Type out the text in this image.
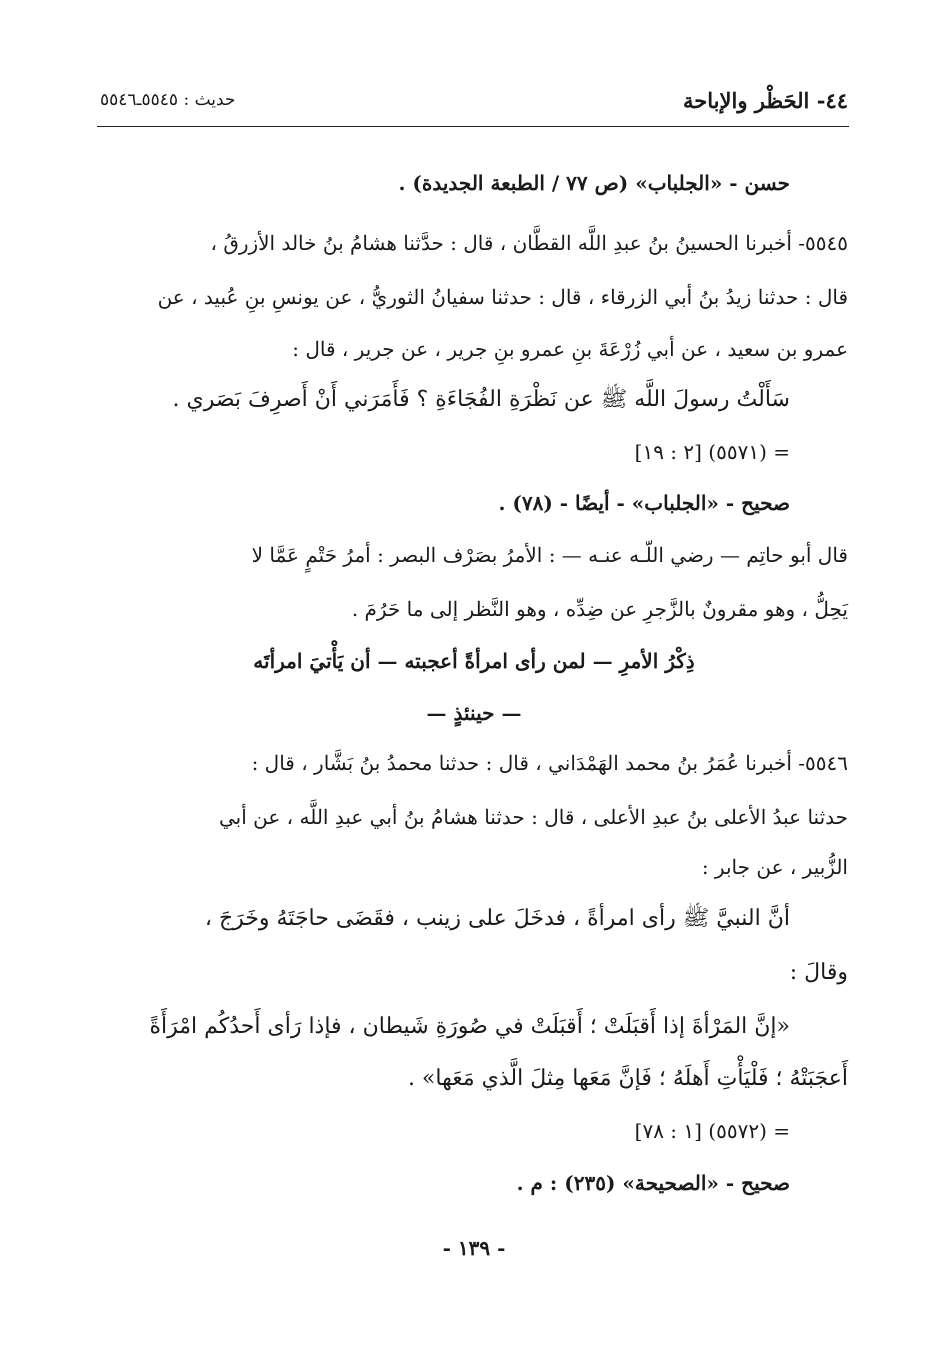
٤٤- الحَظْر والإباحة
حديث : ٥٥٤٥ـ٥٥٤٦
حسن - «الجلباب» (ص ٧٧ / الطبعة الجديدة) .
٥٥٤٥- أخبرنا الحسينُ بنُ عبدِ اللَّه القطَّان ، قال : حدَّثنا هشامُ بنُ خالد الأزرقُ ،
قال : حدثنا زيدُ بنُ أبي الزرقاء ، قال : حدثنا سفيانُ الثوريُّ ، عن يونسِ بنِ عُبيد ، عن
عمرو بن سعيد ، عن أبي زُرْعَةَ بنِ عمرو بنِ جرير ، عن جرير ، قال :
سَأَلْتُ رسولَ اللَّه ﷺ عن نَظْرَةِ الفُجَاءَةِ ؟ فَأَمَرَني أَنْ أَصرِفَ بَصَري .
= (٥٥٧١) [٢ : ١٩]
صحيح - «الجلباب» - أيضًا - (٧٨) .
قال أبو حاتِم — رضي اللّـه عنـه — : الأمرُ بصَرْف البصر : أمرُ حَتْمٍ عَمَّا لا
يَحِلُّ ، وهو مقرونٌ بالزَّجرِ عن ضِدِّه ، وهو النَّظر إلى ما حَرُمَ .
ذِكْرُ الأمرِ — لمن رأى امرأةً أعجبته — أن يَأْتيَ امرأتَه
— حينئذٍ —
٥٥٤٦- أخبرنا عُمَرُ بنُ محمد الهَمْدَاني ، قال : حدثنا محمدُ بنُ بَشَّار ، قال :
حدثنا عبدُ الأعلى بنُ عبدِ الأعلى ، قال : حدثنا هشامُ بنُ أبي عبدِ اللَّه ، عن أبي
الزُّبير ، عن جابر :
أنَّ النبيَّ ﷺ رأى امرأةً ، فدخَلَ على زينب ، فقَضَى حاجَتَهُ وخَرَجَ ،
وقالَ :
«إنَّ المَرْأةَ إذا أَقبَلَتْ ؛ أَقبَلَتْ في صُورَةِ شَيطان ، فإذا رَأى أَحدُكُم امْرَأَةً
أَعجَبَتْهُ ؛ فَلْيَأْتِ أَهلَهُ ؛ فَإنَّ مَعَها مِثلَ الَّذي مَعَها» .
= (٥٥٧٢) [١ : ٧٨]
صحيح - «الصحيحة» (٢٣٥) : م .
- ١٣٩ -
